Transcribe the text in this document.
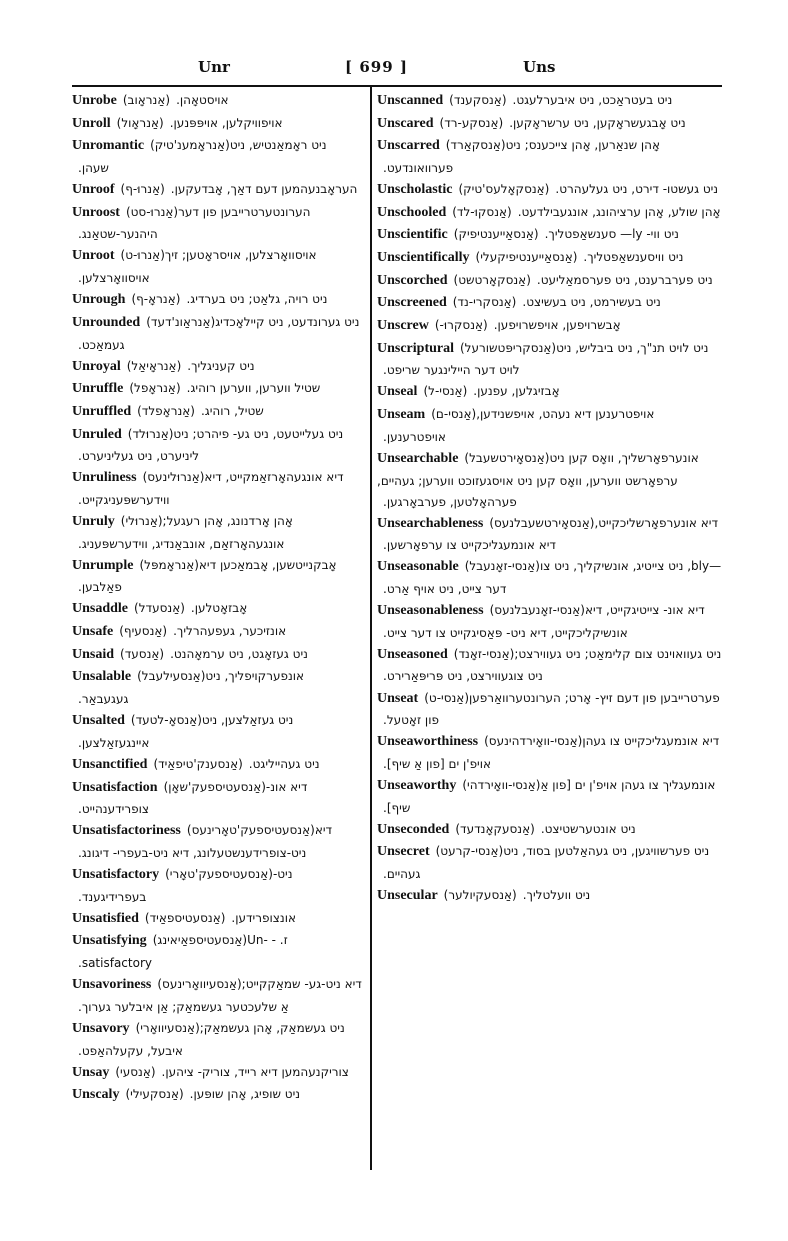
Unr	[ 699 ]	Uns

Unrobe (אַנראָוב) אויסטאָהן.

Unroll (אַנראָול) אויפוויקלען, אויפּפּנען.

Unromantic (אַנראָמענ'טיק)ניט ראָמאַנטיש, ניט שעהן.

Unroof (אַנרוּ-ף) העראָבנעהמען דעם דאַך, אָבדעקען.

Unroost (אַנרוּ-סט)הערונטערטרייבען פון דער היהנער-שטאַנג.

Unroot (אַנרוּ-ט)אויסוואָרצלען, אויסראָטען; זיך אויסוואָרצלען.

Unrough (אַנראָ-ף) ניט רויה, גלאַט; ניט בערדיג.

Unrounded (אַנראַונ'דעד)ניט גערונדעט, ניט קיילאָכדיג געמאַכט.

Unroyal (אַנראָיאַל) ניט קעניגליך.

Unruffle (אַנראָפל) שטיל ווערען, ווערען רוהיג.

Unruffled (אַנראָפלד) שטיל, רוהיג.

Unruled (אַנרוּלד)ניט געלייטעט, ניט גע- פיהרט; ניט ליניערט, ניט געליניערט.

Unruliness (אַנרוּלינעס)דיא אונגעהאָרזאַמקייט, דיא ווידערשפּעניגקייט.

Unruly (אַנרוּלי)אָהן אָרדנונג, אָהן רעגעל; אונגעהאָרזאַם, אונבאַנדיג, ווידערשפּעניג.

Unrumple (אַנראָמפּל)אָבקנייטשען, אָבמאַכען דיא פאַלבען.

Unsaddle (אַנסעדל) אָבזאָטלען.

Unsafe (אַנסעיף) אונזיכער, געפעהרליך.

Unsaid (אַנסעד) ניט געזאָגט, ניט ערמאָהנט.

Unsalable (אַנסעילעבל)אונפערקויפליך, ניט געגעבאַר.

Unsalted (אַנסאָ-לטעד)ניט געזאַלצען, ניט איינגעזאַלצען.

Unsanctified (אַנסענק'טיפאַיד) ניט געהייליגט.

Unsatisfaction (אַנסעטיספעק'שאָן)דיא אונ- צופרידענהייט.

Unsatisfactoriness (אַנסעטיספעק'טאָרינעס)דיא ניט-צופרידענשטעלונג, דיא ניט-בעפרי- דיגונג.

Unsatisfactory (אַנסעטיספעק'טאָרי)ניט- בעפרידיגענד.

Unsatisfied (אַנסעטיספאַיד) אונצופרידען.

Unsatisfying (אַנסעטיספאַיאינג)ז. Un- -satisfactory.

Unsavoriness (אַנסעיוואָרינעס)דיא ניט-גע- שמאַקקייט; אַ שלעכטער געשמאַק; אַן איבלער גערוך.

Unsavory (אַנסעיוואָרי)ניט געשמאַק, אָהן געשמאַק; איבעל, עקעלהאַפט.

Unsay (אַנסעי) צוריקנעהמען דיא רייד, צוריק- ציהען.

Unscaly (אַנסקעילי) ניט שופיג, אָהן שופּען.

Unscanned (אַנסקענד) ניט בעטראַכט, ניט איבערלעגט.

Unscared (אַנסקע-רד) ניט אָבגעשראָקען, ניט ערשראָקען.

Unscarred (אַנסקאַרד)אָהן שנאַרען, אָהן צייכענס; ניט פערוואונדעט.

Unscholastic (אַנסקאָלעס'טיק) ניט געשטו- דירט, ניט געלעהרט.

Unschooled (אַנסקוּ-לד) אָהן שולע, אָהן ערציהונג, אונגעבילדעט.

Unscientific (אַנסאַייענטיפיק) ניט ווי- ly— סענשאַפטליך.

Unscientifically (אַנסאַייענטיפיקעלי) ניט וויסענשאַפטליך.

Unscorched (אַנסקאָרטשט) ניט פערברענט, ניט פערסמאַליעט.

Unscreened (אַנסקרי-נד) ניט בעשירמט, ניט בעשיצט.

Unscrew (אַנסקרוּ-) אָבשרויפען, אויפשרויפען.

Unscriptural (אַנסקריפּטשורעל)ניט לויט תנ"ך, ניט ביבליש, ניט לויט דער היילינגער שריפט.

Unseal (אַנסי-ל) אָבזיגלען, עפנען.

Unseam (אַנסי-ם)אויפטרענען דיא נעהט, אויפשנידען, אויפטרענען.

Unsearchable (אַנסאָירטשעבל)אונערפאָרשליך, וואָס קען ניט ערפאָרשט ווערען, וואָס קען ניט אויסגעזוכט ווערען; געהיים, פערהאָלטען, פערבאָרגען.

Unsearchableness (אַנסאָירטשעבלנעס)דיא אונערפאָרשליכקייט, דיא אונמעגליכקייט צו ערפאָרשען.

Unseasonable (אַנסי-זאָנעבל)—bly, ניט צייטיג, אונשיקליך, ניט צו דער צייט, ניט אויף אַרט.

Unseasonableness (אַנסי-זאָנעבלנעס)דיא אונ- צייטיגקייט, דיא אונשיקליכקייט, דיא ניט- פּאַסיגקייט צו דער צייט.

Unseasoned (אַנסי-זאָנד)ניט געוואוינט צום קלימאַט; ניט געווירצט; ניט צוגעווירצט, ניט פּריפּאַרירט.

Unseat (אַנסי-ט)פערטרייבען פון דעם זיץ- אָרט; הערונטערוואַרפען פון זאָטעל.

Unseaworthiness (אַנסי-וואָירדהינעס)דיא אונמעגליכקייט צו געהן אויפ'ן ים [פון אַ שיף].

Unseaworthy (אַנסי-וואָירדהי)אונמעגליך צו געהן אויפ'ן ים [פון אַ שיף].

Unseconded (אַנסעקאָנדעד) ניט אונטערשטיצט.

Unsecret (אַנסי-קרעט)ניט פערשוויגען, ניט געהאַלטען בסוד, ניט געהיים.

Unsecular (אַנסעקיולער) ניט וועלטליך.
